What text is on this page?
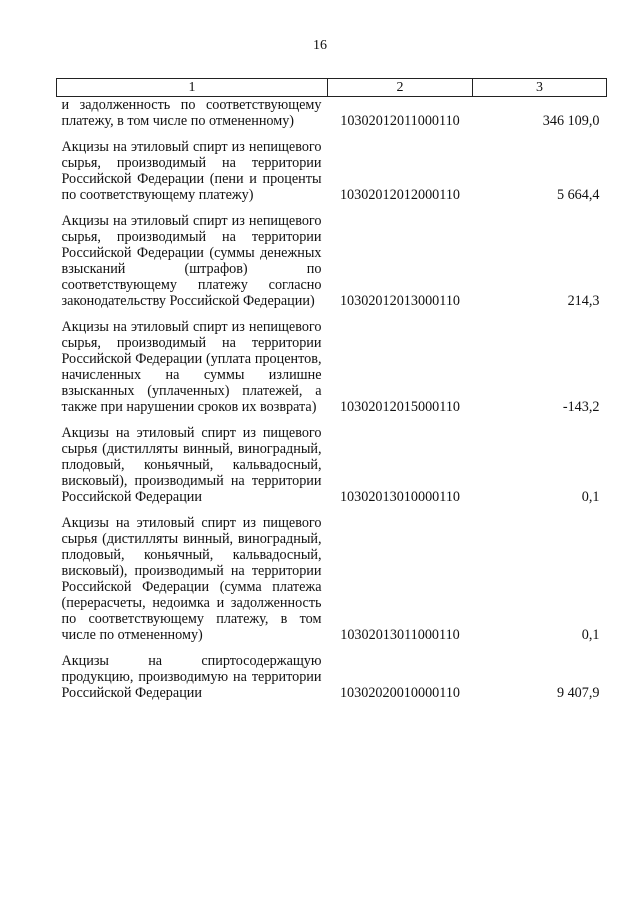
16
1	2	3
и задолженность по соответствующему платежу, в том числе по отмененному)	10302012011000110	346 109,0
Акцизы на этиловый спирт из непищевого сырья, производимый на территории Российской Федерации (пени и проценты по соответствующему платежу)	10302012012000110	5 664,4
Акцизы на этиловый спирт из непищевого сырья, производимый на территории Российской Федерации (суммы денежных взысканий (штрафов) по соответствующему платежу согласно законодательству Российской Федерации)	10302012013000110	214,3
Акцизы на этиловый спирт из непищевого сырья, производимый на территории Российской Федерации (уплата процентов, начисленных на суммы излишне взысканных (уплаченных) платежей, а также при нарушении сроков их возврата)	10302012015000110	-143,2
Акцизы на этиловый спирт из пищевого сырья (дистилляты винный, виноградный, плодовый, коньячный, кальвадосный, висковый), производимый на территории Российской Федерации	10302013010000110	0,1
Акцизы на этиловый спирт из пищевого сырья (дистилляты винный, виноградный, плодовый, коньячный, кальвадосный, висковый), производимый на территории Российской Федерации (сумма платежа (перерасчеты, недоимка и задолженность по соответствующему платежу, в том числе по отмененному)	10302013011000110	0,1
Акцизы на спиртосодержащую продукцию, производимую на территории Российской Федерации	10302020010000110	9 407,9
